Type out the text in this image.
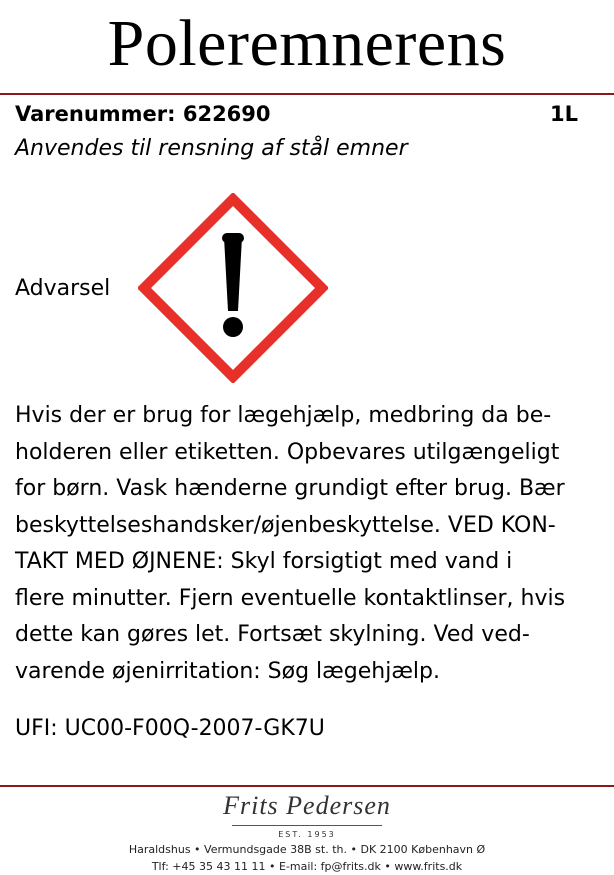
Poleremnerens
Varenummer: 622690	1L
Anvendes til rensning af stål emner
Advarsel
Hvis der er brug for lægehjælp, medbring da be-
holderen eller etiketten. Opbevares utilgængeligt
for børn. Vask hænderne grundigt efter brug. Bær
beskyttelseshandsker/øjenbeskyttelse. VED KON-
TAKT MED ØJNENE: Skyl forsigtigt med vand i
flere minutter. Fjern eventuelle kontaktlinser, hvis
dette kan gøres let. Fortsæt skylning. Ved ved-
varende øjenirritation: Søg lægehjælp.
UFI: UC00-F00Q-2007-GK7U
Frits Pedersen
EST. 1953
Haraldshus • Vermundsgade 38B st. th. • DK 2100 København Ø
Tlf: +45 35 43 11 11 • E-mail: fp@frits.dk • www.frits.dk
